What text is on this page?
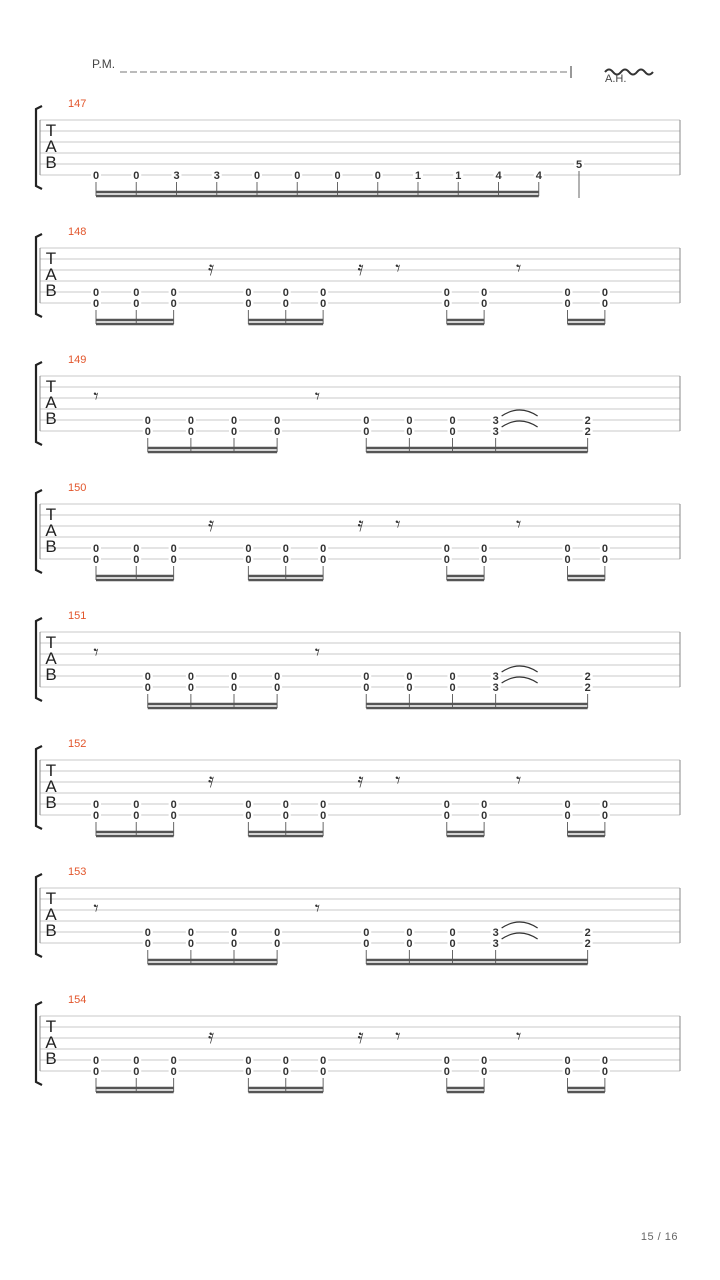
P.M.
A.H.
T
A
B
147
0	0	3	3	0	0	0	0	1	1	4	4
5
T
A
B
148
0
0
0
0
0
0
𝄿
0
0
0
0
0
0
𝄿 𝄾
0
0
0
0
𝄾
0
0
0
0
T
A
B
149
𝄾
0
0
0
0
0
0
0
0
𝄾
0
0
0
0
0
0
3
3
2
2
T
A
B
150
0
0
0
0
0
0
𝄿
0
0
0
0
0
0
𝄿 𝄾
0
0
0
0
𝄾
0
0
0
0
T
A
B
151
𝄾
0
0
0
0
0
0
0
0
𝄾
0
0
0
0
0
0
3
3
2
2
T
A
B
152
0
0
0
0
0
0
𝄿
0
0
0
0
0
0
𝄿 𝄾
0
0
0
0
𝄾
0
0
0
0
T
A
B
153
𝄾
0
0
0
0
0
0
0
0
𝄾
0
0
0
0
0
0
3
3
2
2
T
A
B
154
0
0
0
0
0
0
𝄿
0
0
0
0
0
0
𝄿 𝄾
0
0
0
0
𝄾
0
0
0
0
15 / 16
